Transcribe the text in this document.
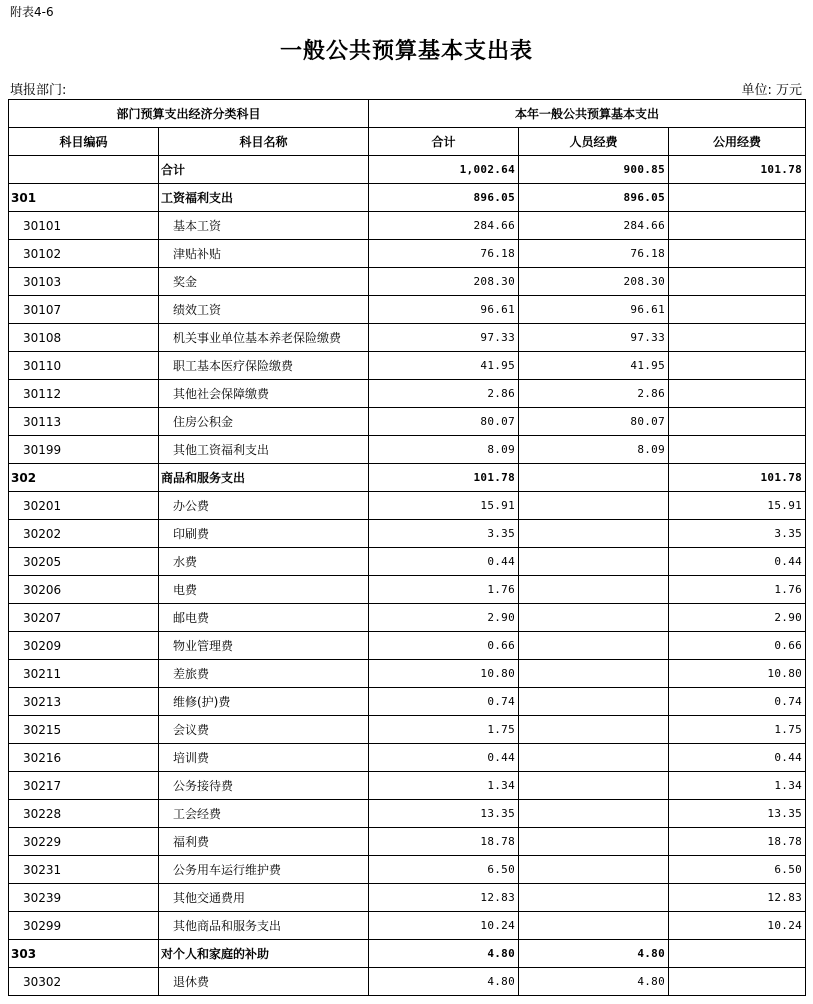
附表4-6
一般公共预算基本支出表
填报部门:	单位: 万元
部门预算支出经济分类科目		本年一般公共预算基本支出		
科目编码	科目名称	合计	人员经费	公用经费
	合计	1,002.64	900.85	101.78
301	工资福利支出	896.05	896.05	
30101	基本工资	284.66	284.66	
30102	津贴补贴	76.18	76.18	
30103	奖金	208.30	208.30	
30107	绩效工资	96.61	96.61	
30108	机关事业单位基本养老保险缴费	97.33	97.33	
30110	职工基本医疗保险缴费	41.95	41.95	
30112	其他社会保障缴费	2.86	2.86	
30113	住房公积金	80.07	80.07	
30199	其他工资福利支出	8.09	8.09	
302	商品和服务支出	101.78		101.78
30201	办公费	15.91		15.91
30202	印刷费	3.35		3.35
30205	水费	0.44		0.44
30206	电费	1.76		1.76
30207	邮电费	2.90		2.90
30209	物业管理费	0.66		0.66
30211	差旅费	10.80		10.80
30213	维修(护)费	0.74		0.74
30215	会议费	1.75		1.75
30216	培训费	0.44		0.44
30217	公务接待费	1.34		1.34
30228	工会经费	13.35		13.35
30229	福利费	18.78		18.78
30231	公务用车运行维护费	6.50		6.50
30239	其他交通费用	12.83		12.83
30299	其他商品和服务支出	10.24		10.24
303	对个人和家庭的补助	4.80	4.80	
30302	退休费	4.80	4.80	
